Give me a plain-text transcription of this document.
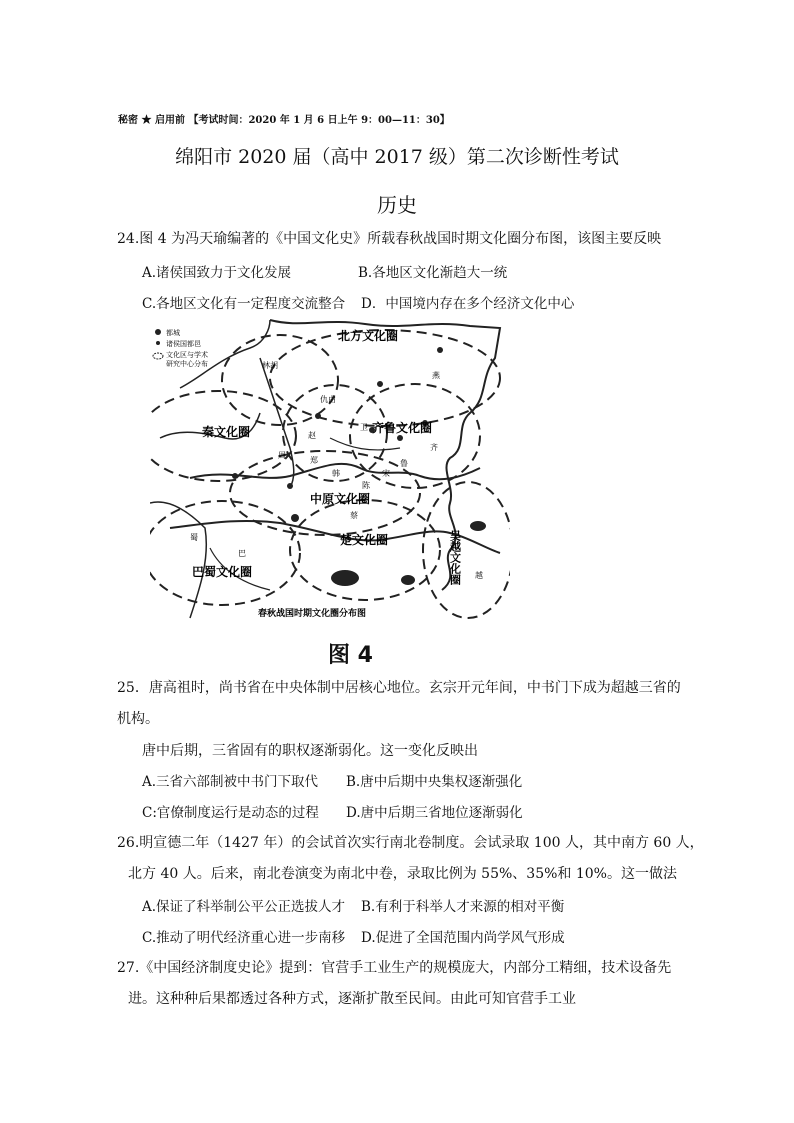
秘密 ★ 启用前 【考试时间：2020 年 1 月 6 日上午 9：00—11：30】
绵阳市 2020 届（高中 2017 级）第二次诊断性考试
历史
24.图 4 为冯天瑜编著的《中国文化史》所载春秋战国时期文化圈分布图，该图主要反映
A.诸侯国致力于文化发展	B.各地区文化渐趋大一统
C.各地区文化有一定程度交流整合 D．中国境内存在多个经济文化中心
都城
诸侯国都邑
文化区与学术
研究中心分布
北方文化圈
秦文化圈	齐鲁文化圈
中原文化圈
楚文化圈
巴蜀文化圈	吴越文化圈
林胡
仇由
卫
燕
赵
韩
齐
鲁
宋
陈
蔡
蜀
巴
周
郑
越
春秋战国时期文化圈分布图
图 4
25．唐高祖时，尚书省在中央体制中居核心地位。玄宗开元年间，中书门下成为超越三省的
机构。
唐中后期，三省固有的职权逐渐弱化。这一变化反映出
A.三省六部制被中书门下取代 B.唐中后期中央集权逐渐强化
C:官僚制度运行是动态的过程 D.唐中后期三省地位逐渐弱化
26.明宣德二年（1427 年）的会试首次实行南北卷制度。会试录取 100 人，其中南方 60 人，
北方 40 人。后来，南北卷演变为南北中卷，录取比例为 55%、35%和 10%。这一做法
A.保证了科举制公平公正选拔人才 B.有利于科举人才来源的相对平衡
C.推动了明代经济重心进一步南移 D.促进了全国范围内尚学风气形成
27.《中国经济制度史论》提到：官营手工业生产的规模庞大，内部分工精细，技术设备先
进。这种种后果都透过各种方式，逐渐扩散至民间。由此可知官营手工业
